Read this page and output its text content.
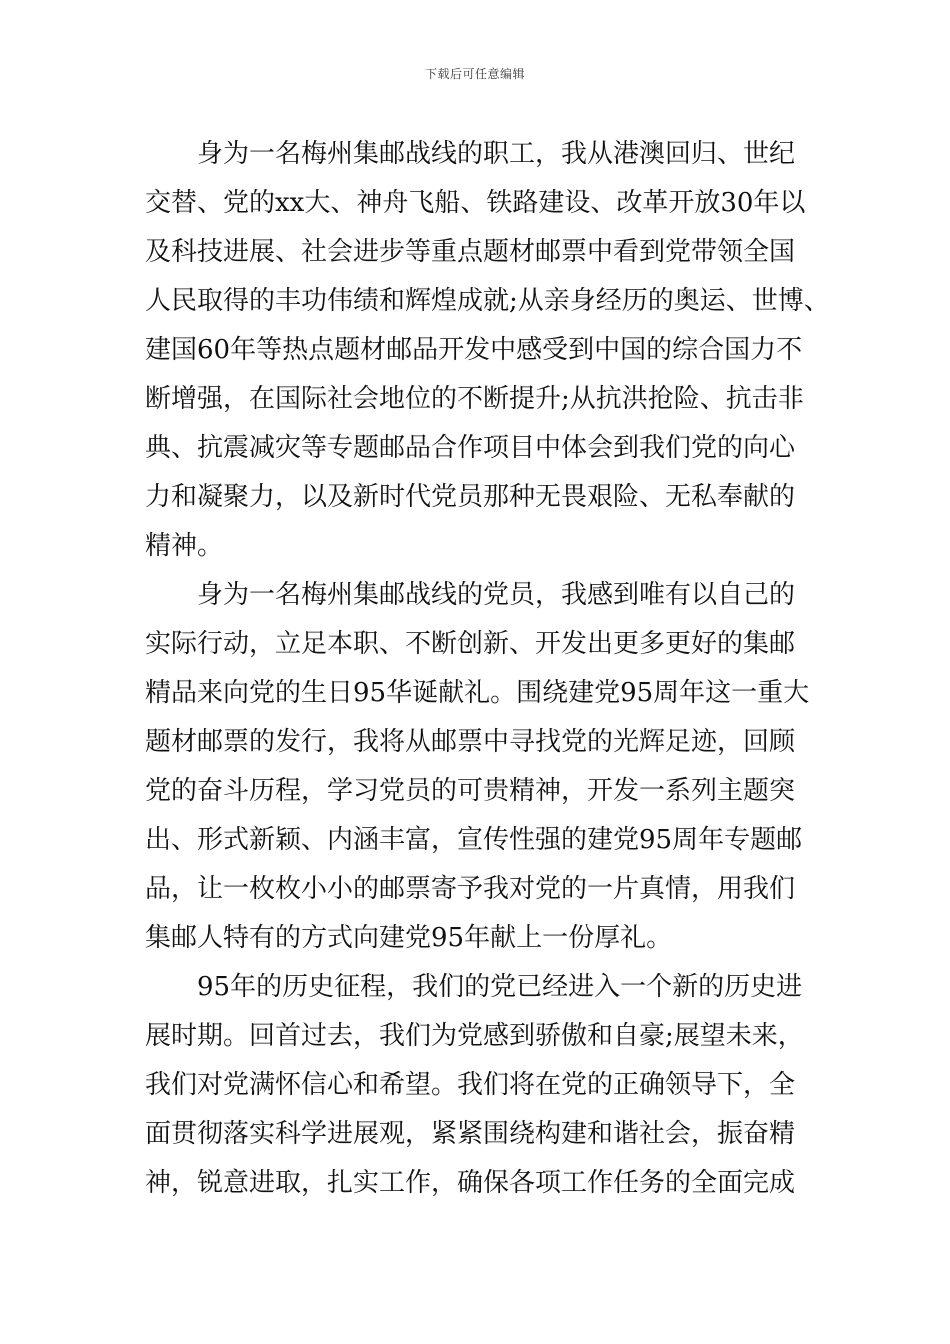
下载后可任意编辑
身为一名梅州集邮战线的职工，我从港澳回归、世纪
交替、党的xx大、神舟飞船、铁路建设、改革开放30年以
及科技进展、社会进步等重点题材邮票中看到党带领全国
人民取得的丰功伟绩和辉煌成就;从亲身经历的奥运、世博、
建国60年等热点题材邮品开发中感受到中国的综合国力不
断增强，在国际社会地位的不断提升;从抗洪抢险、抗击非
典、抗震减灾等专题邮品合作项目中体会到我们党的向心
力和凝聚力，以及新时代党员那种无畏艰险、无私奉献的
精神。
身为一名梅州集邮战线的党员，我感到唯有以自己的
实际行动，立足本职、不断创新、开发出更多更好的集邮
精品来向党的生日95华诞献礼。围绕建党95周年这一重大
题材邮票的发行，我将从邮票中寻找党的光辉足迹，回顾
党的奋斗历程，学习党员的可贵精神，开发一系列主题突
出、形式新颖、内涵丰富，宣传性强的建党95周年专题邮
品，让一枚枚小小的邮票寄予我对党的一片真情，用我们
集邮人特有的方式向建党95年献上一份厚礼。
95年的历史征程，我们的党已经进入一个新的历史进
展时期。回首过去，我们为党感到骄傲和自豪;展望未来，
我们对党满怀信心和希望。我们将在党的正确领导下，全
面贯彻落实科学进展观，紧紧围绕构建和谐社会，振奋精
神，锐意进取，扎实工作，确保各项工作任务的全面完成
